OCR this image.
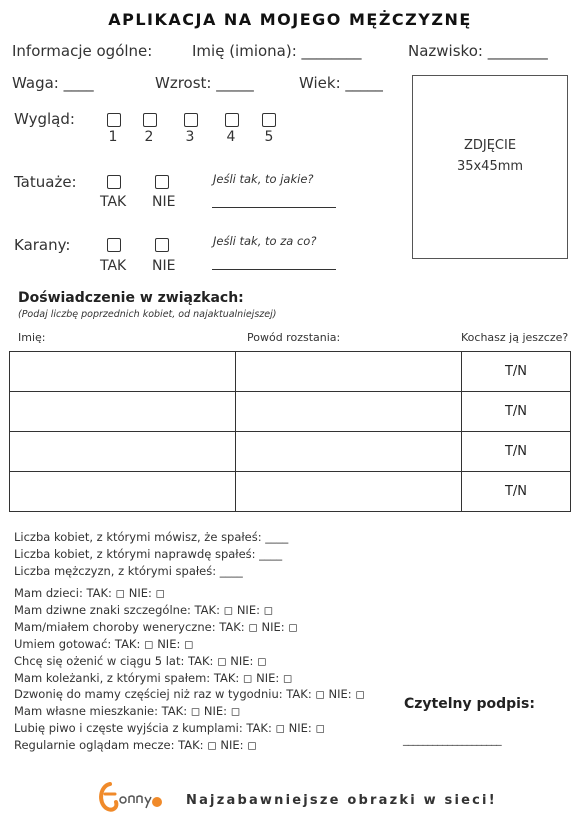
APLIKACJA NA MOJEGO MĘŻCZYZNĘ
Informacje ogólne:	Imię (imiona): ________	Nazwisko: ________
Waga: ____	Wzrost: _____	Wiek: _____
ZDJĘCIE
35x45mm
Wygląd:
1	2	3	4	5
Tatuaże:
TAK NIE
Jeśli tak, to jakie?
Karany:
TAK NIE
Jeśli tak, to za co?
Doświadczenie w związkach:
(Podaj liczbę poprzednich kobiet, od najaktualniejszej)
Imię:	Powód rozstania:	Kochasz ją jeszcze?
		T/N
		T/N
		T/N
		T/N
Liczba kobiet, z którymi mówisz, że spałeś: ____
Liczba kobiet, z którymi naprawdę spałeś: ____
Liczba mężczyzn, z którymi spałeś: ____
Mam dzieci: TAK: ◻ NIE: ◻
Mam dziwne znaki szczególne: TAK: ◻ NIE: ◻
Mam/miałem choroby weneryczne: TAK: ◻ NIE: ◻
Umiem gotować: TAK: ◻ NIE: ◻
Chcę się ożenić w ciągu 5 lat: TAK: ◻ NIE: ◻
Mam koleżanki, z którymi spałem: TAK: ◻ NIE: ◻
Dzwonię do mamy częściej niż raz w tygodniu: TAK: ◻ NIE: ◻
Mam własne mieszkanie: TAK: ◻ NIE: ◻
Lubię piwo i częste wyjścia z kumplami: TAK: ◻ NIE: ◻
Regularnie oglądam mecze: TAK: ◻ NIE: ◻
Czytelny podpis:
____________________
Najzabawniejsze obrazki w sieci!
